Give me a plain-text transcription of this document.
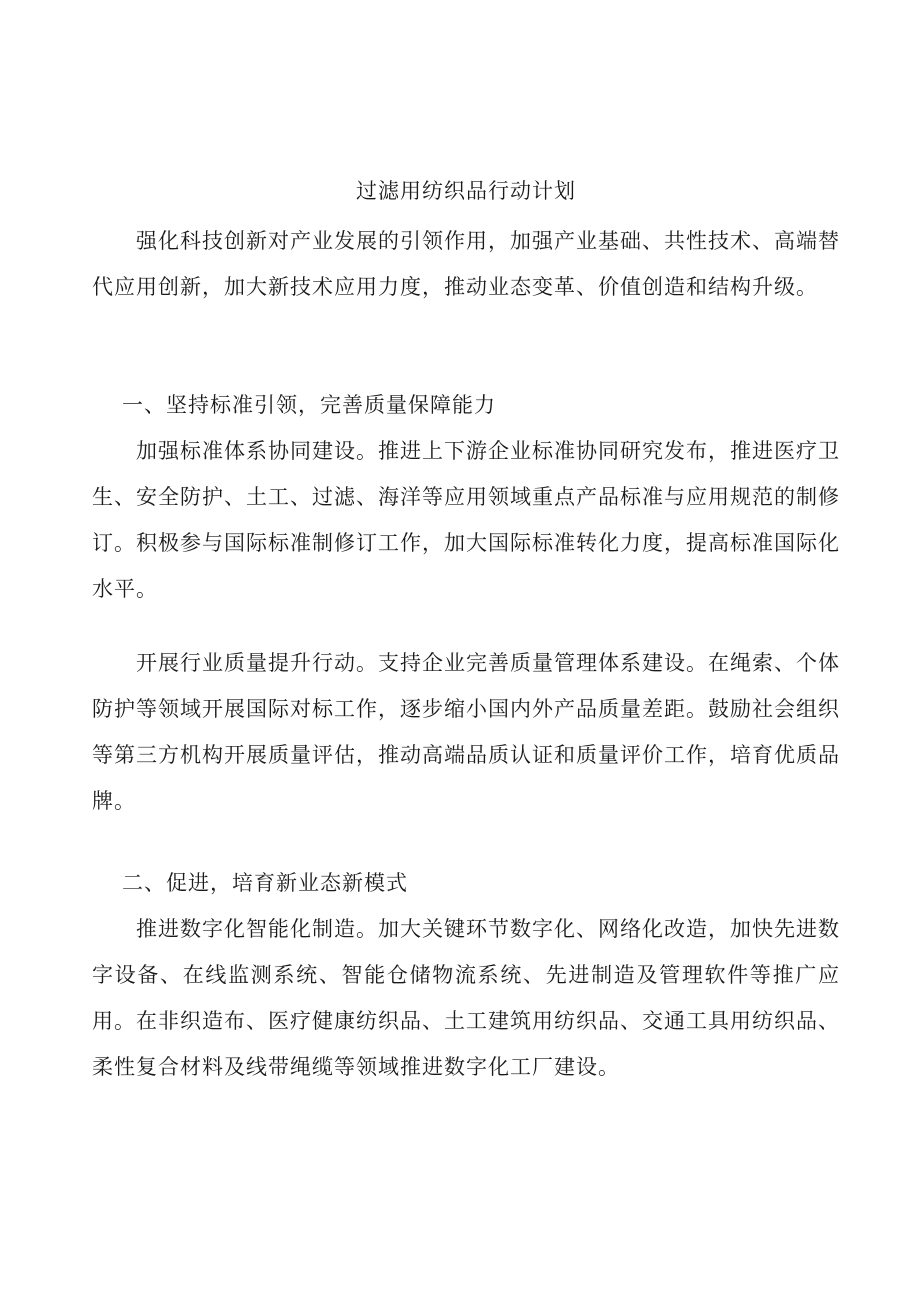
过滤用纺织品行动计划

强化科技创新对产业发展的引领作用，加强产业基础、共性技术、高端替代应用创新，加大新技术应用力度，推动业态变革、价值创造和结构升级。

一、坚持标准引领，完善质量保障能力

加强标准体系协同建设。推进上下游企业标准协同研究发布，推进医疗卫生、安全防护、土工、过滤、海洋等应用领域重点产品标准与应用规范的制修订。积极参与国际标准制修订工作，加大国际标准转化力度，提高标准国际化水平。

开展行业质量提升行动。支持企业完善质量管理体系建设。在绳索、个体防护等领域开展国际对标工作，逐步缩小国内外产品质量差距。鼓励社会组织等第三方机构开展质量评估，推动高端品质认证和质量评价工作，培育优质品牌。

二、促进，培育新业态新模式

推进数字化智能化制造。加大关键环节数字化、网络化改造，加快先进数字设备、在线监测系统、智能仓储物流系统、先进制造及管理软件等推广应用。在非织造布、医疗健康纺织品、土工建筑用纺织品、交通工具用纺织品、柔性复合材料及线带绳缆等领域推进数字化工厂建设。
